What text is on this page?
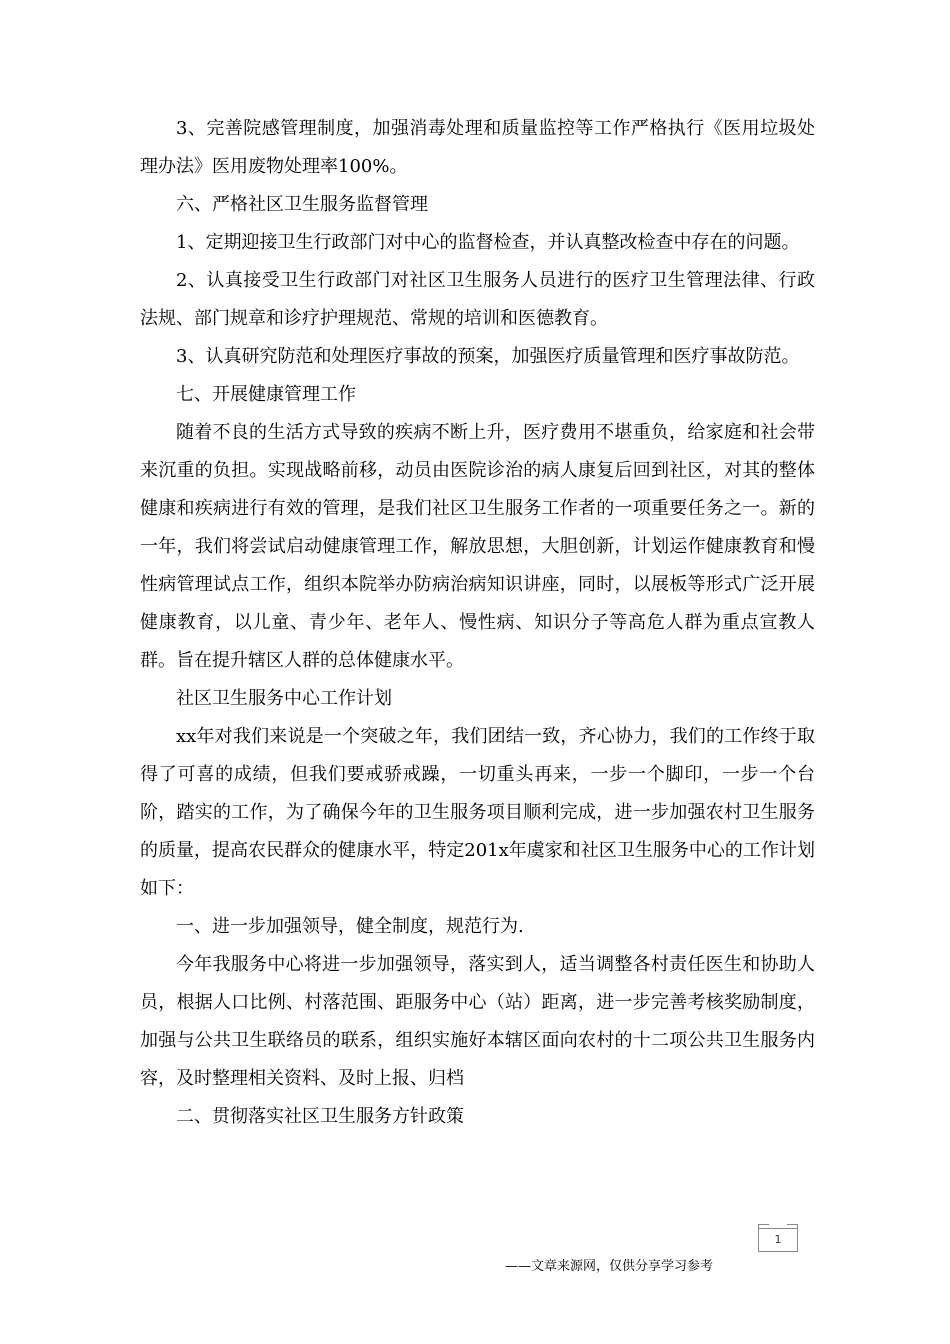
3、完善院感管理制度，加强消毒处理和质量监控等工作严格执行《医用垃圾处理办法》医用废物处理率100%。

六、严格社区卫生服务监督管理

1、定期迎接卫生行政部门对中心的监督检查，并认真整改检查中存在的问题。

2、认真接受卫生行政部门对社区卫生服务人员进行的医疗卫生管理法律、行政法规、部门规章和诊疗护理规范、常规的培训和医德教育。

3、认真研究防范和处理医疗事故的预案，加强医疗质量管理和医疗事故防范。

七、开展健康管理工作

随着不良的生活方式导致的疾病不断上升，医疗费用不堪重负，给家庭和社会带来沉重的负担。实现战略前移，动员由医院诊治的病人康复后回到社区，对其的整体健康和疾病进行有效的管理，是我们社区卫生服务工作者的一项重要任务之一。新的一年，我们将尝试启动健康管理工作，解放思想，大胆创新，计划运作健康教育和慢性病管理试点工作，组织本院举办防病治病知识讲座，同时，以展板等形式广泛开展健康教育，以儿童、青少年、老年人、慢性病、知识分子等高危人群为重点宣教人群。旨在提升辖区人群的总体健康水平。

社区卫生服务中心工作计划

xx年对我们来说是一个突破之年，我们团结一致，齐心协力，我们的工作终于取得了可喜的成绩，但我们要戒骄戒躁，一切重头再来，一步一个脚印，一步一个台阶，踏实的工作，为了确保今年的卫生服务项目顺利完成，进一步加强农村卫生服务的质量，提高农民群众的健康水平，特定201x年虞家和社区卫生服务中心的工作计划如下：

一、进一步加强领导，健全制度，规范行为.

今年我服务中心将进一步加强领导，落实到人，适当调整各村责任医生和协助人员，根据人口比例、村落范围、距服务中心（站）距离，进一步完善考核奖励制度，加强与公共卫生联络员的联系，组织实施好本辖区面向农村的十二项公共卫生服务内容，及时整理相关资料、及时上报、归档

二、贯彻落实社区卫生服务方针政策

1
——文章来源网，仅供分享学习参考
